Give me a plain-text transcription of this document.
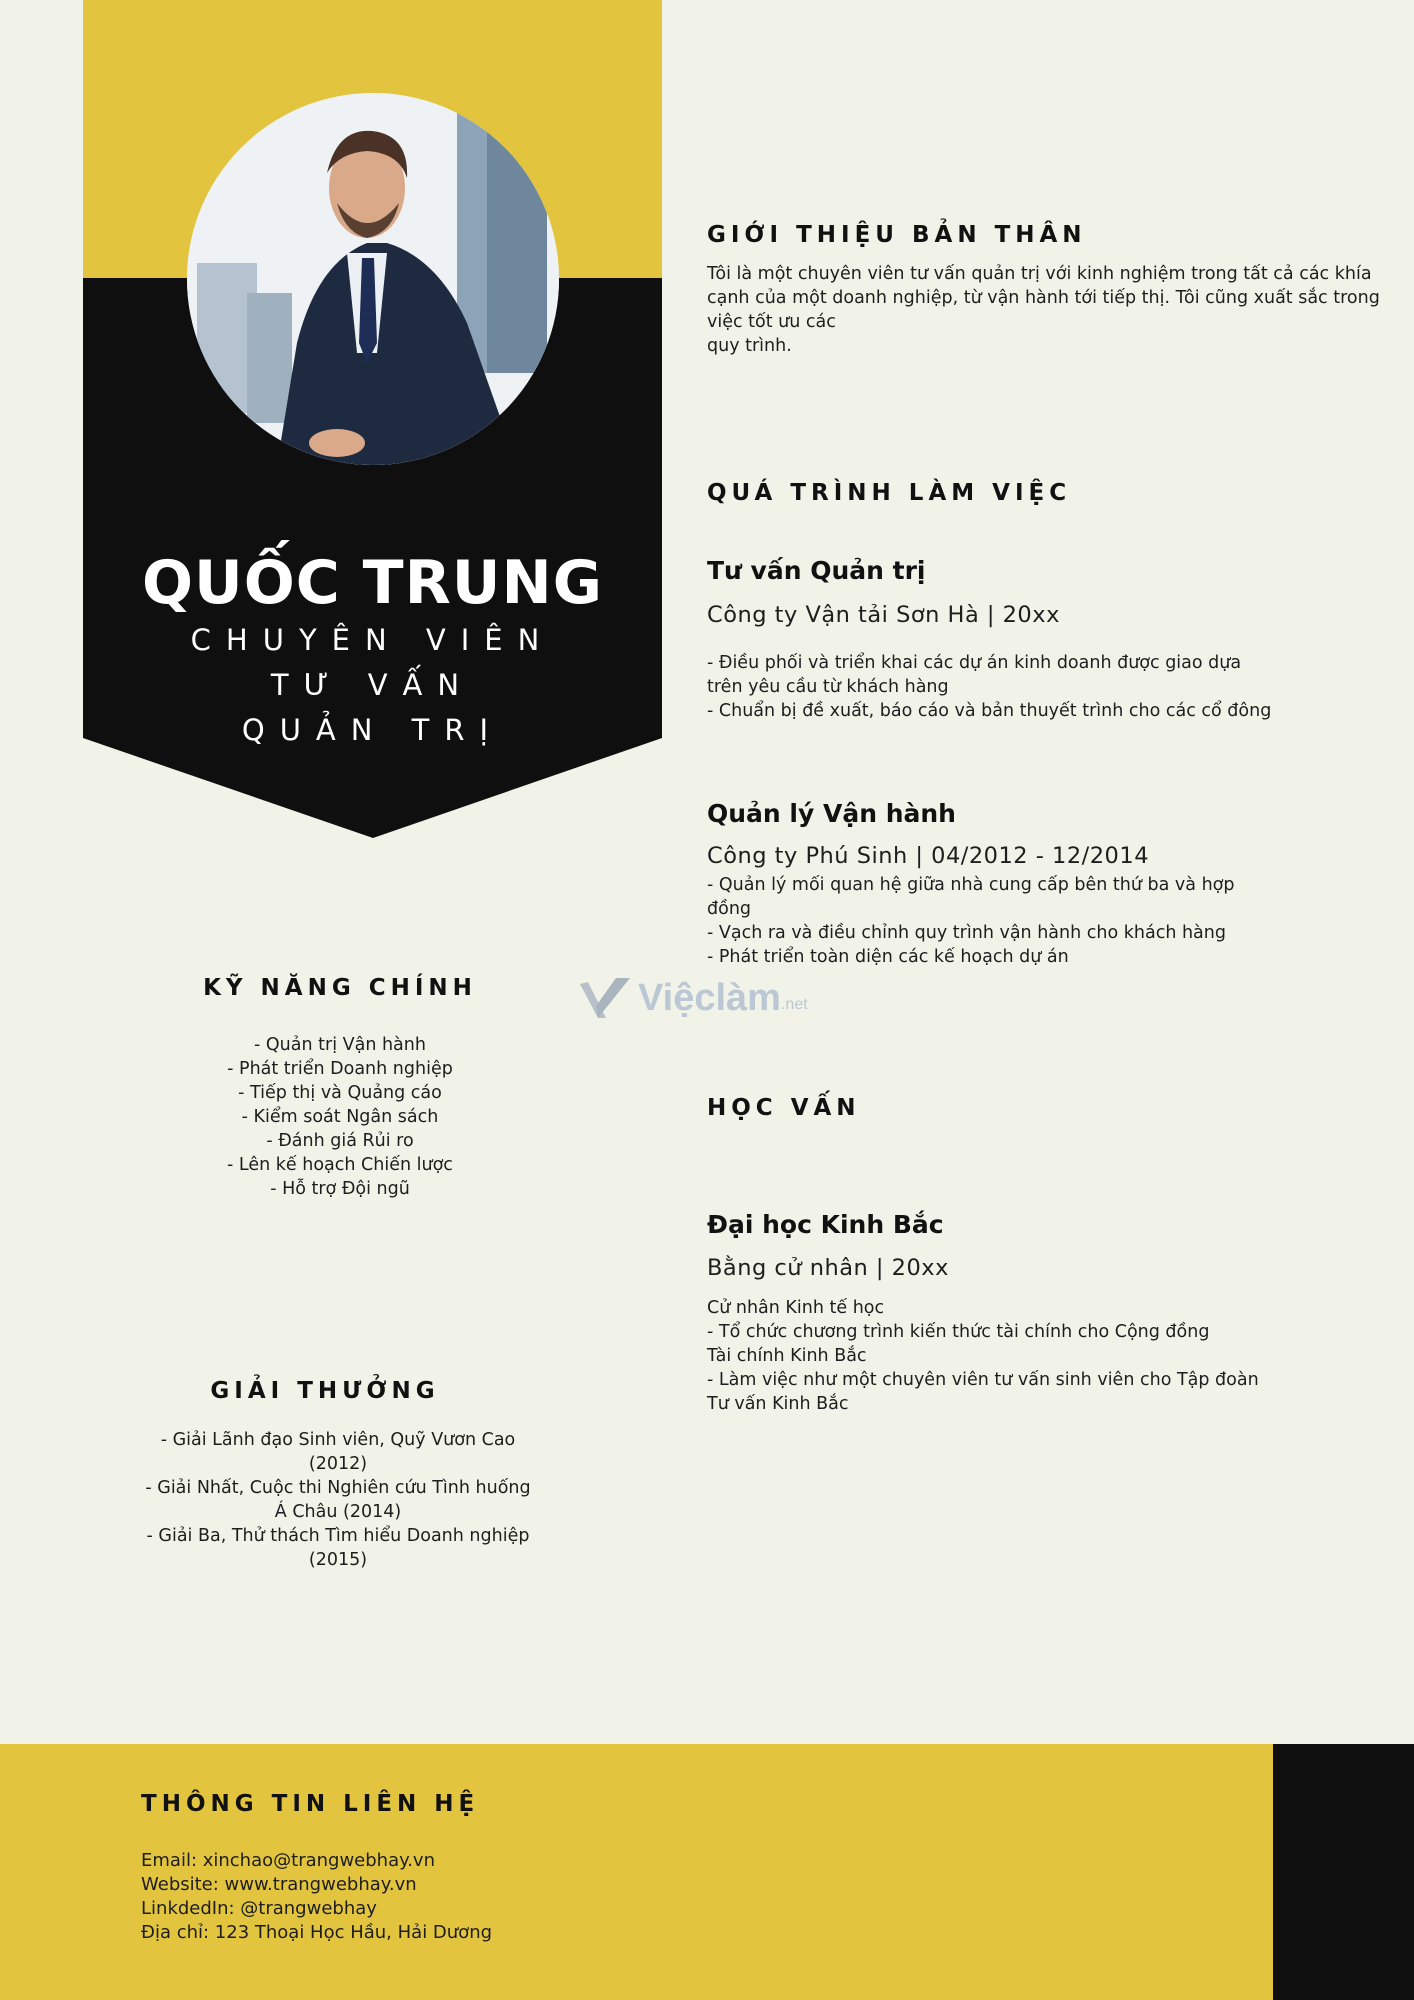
QUỐC TRUNG
CHUYÊN VIÊN
TƯ VẤN
QUẢN TRỊ
KỸ NĂNG CHÍNH
- Quản trị Vận hành
- Phát triển Doanh nghiệp
- Tiếp thị và Quảng cáo
- Kiểm soát Ngân sách
- Đánh giá Rủi ro
- Lên kế hoạch Chiến lược
- Hỗ trợ Đội ngũ
GIẢI THƯỞNG
- Giải Lãnh đạo Sinh viên, Quỹ Vươn Cao
(2012)
- Giải Nhất, Cuộc thi Nghiên cứu Tình huống
Á Châu (2014)
- Giải Ba, Thử thách Tìm hiểu Doanh nghiệp
(2015)
GIỚI THIỆU BẢN THÂN
Tôi là một chuyên viên tư vấn quản trị với kinh nghiệm trong tất cả các khía
cạnh của một doanh nghiệp, từ vận hành tới tiếp thị. Tôi cũng xuất sắc trong
việc tốt ưu các
quy trình.
QUÁ TRÌNH LÀM VIỆC
Tư vấn Quản trị
Công ty Vận tải Sơn Hà | 20xx
- Điều phối và triển khai các dự án kinh doanh được giao dựa
trên yêu cầu từ khách hàng
- Chuẩn bị đề xuất, báo cáo và bản thuyết trình cho các cổ đông
Quản lý Vận hành
Công ty Phú Sinh | 04/2012 - 12/2014
- Quản lý mối quan hệ giữa nhà cung cấp bên thứ ba và hợp
đồng
- Vạch ra và điều chỉnh quy trình vận hành cho khách hàng
- Phát triển toàn diện các kế hoạch dự án
Việclàm .net
HỌC VẤN
Đại học Kinh Bắc
Bằng cử nhân | 20xx
Cử nhân Kinh tế học
- Tổ chức chương trình kiến thức tài chính cho Cộng đồng
Tài chính Kinh Bắc
- Làm việc như một chuyên viên tư vấn sinh viên cho Tập đoàn
Tư vấn Kinh Bắc
THÔNG TIN LIÊN HỆ
Email: xinchao@trangwebhay.vn
Website: www.trangwebhay.vn
LinkdedIn: @trangwebhay
Địa chỉ: 123 Thoại Học Hầu, Hải Dương
